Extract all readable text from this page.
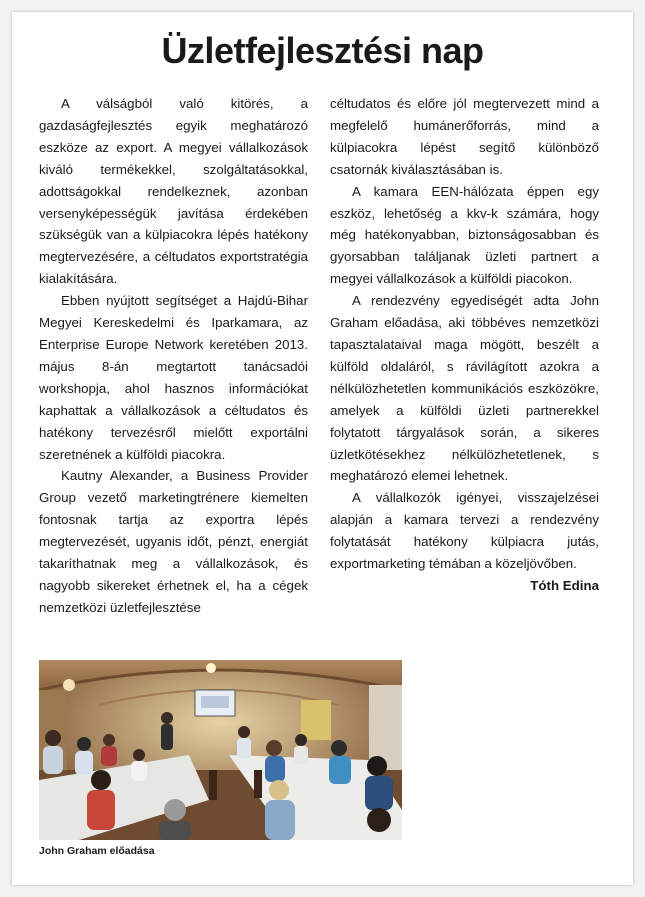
Üzletfejlesztési nap

A válságból való kitörés, a gazdaságfejlesztés egyik meghatározó eszköze az export. A megyei vállalkozások kiváló termékekkel, szolgáltatásokkal, adottságokkal rendelkeznek, azonban versenyképességük javítása érdekében szükségük van a külpiacokra lépés hatékony megtervezésére, a céltudatos exportstratégia kialakítására.

Ebben nyújtott segítséget a Hajdú-Bihar Megyei Kereskedelmi és Iparkamara, az Enterprise Europe Network keretében 2013. május 8-án megtartott tanácsadói workshopja, ahol hasznos információkat kaphattak a vállalkozások a céltudatos és hatékony tervezésről mielőtt exportálni szeretnének a külföldi piacokra.

Kautny Alexander, a Business Provider Group vezető marketingtrénere kiemelten fontosnak tartja az exportra lépés megtervezését, ugyanis időt, pénzt, energiát takaríthatnak meg a vállalkozások, és nagyobb sikereket érhetnek el, ha a cégek nemzetközi üzletfejlesztése

céltudatos és előre jól megtervezett mind a megfelelő humánerőforrás, mind a külpiacokra lépést segítő különböző csatornák kiválasztásában is.

A kamara EEN-hálózata éppen egy eszköz, lehetőség a kkv-k számára, hogy még hatékonyabban, biztonságosabban és gyorsabban találjanak üzleti partnert a megyei vállalkozások a külföldi piacokon.

A rendezvény egyediségét adta John Graham előadása, aki többéves nemzetközi tapasztalataival maga mögött, beszélt a külföld oldaláról, s rávilágított azokra a nélkülözhetetlen kommunikációs eszközökre, amelyek a külföldi üzleti partnerekkel folytatott tárgyalások során, a sikeres üzletkötésekhez nélkülözhetetlenek, s meghatározó elemei lehetnek.

A vállalkozók igényei, visszajelzései alapján a kamara tervezi a rendezvény folytatását hatékony külpiacra jutás, exportmarketing témában a közeljövőben.

Tóth Edina

John Graham előadása
